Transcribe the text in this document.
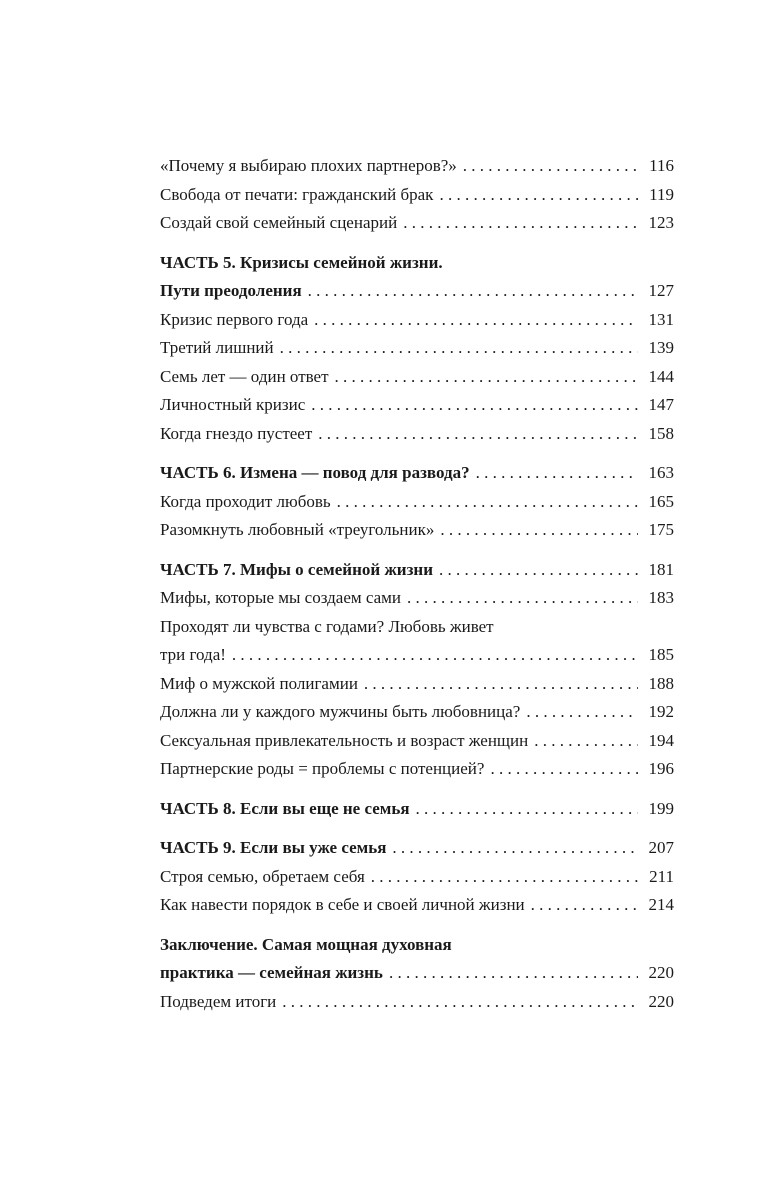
«Почему я выбираю плохих партнеров?» . . .	116
Свобода от печати: гражданский брак . . .	119
Создай свой семейный сценарий . . .	123
ЧАСТЬ 5. Кризисы семейной жизни.
Пути преодоления . . .	127
Кризис первого года . . .	131
Третий лишний . . .	139
Семь лет — один ответ . . .	144
Личностный кризис . . .	147
Когда гнездо пустеет . . .	158
ЧАСТЬ 6. Измена — повод для развода? . . .	163
Когда проходит любовь . . .	165
Разомкнуть любовный «треугольник» . . .	175
ЧАСТЬ 7. Мифы о семейной жизни . . .	181
Мифы, которые мы создаем сами . . .	183
Проходят ли чувства с годами? Любовь живет
три года! . . .	185
Миф о мужской полигамии . . .	188
Должна ли у каждого мужчины быть любовница? . . .	192
Сексуальная привлекательность и возраст женщин . . .	194
Партнерские роды = проблемы с потенцией? . . .	196
ЧАСТЬ 8. Если вы еще не семья . . .	199
ЧАСТЬ 9. Если вы уже семья . . .	207
Строя семью, обретаем себя . . .	211
Как навести порядок в себе и своей личной жизни . . .	214
Заключение. Самая мощная духовная
практика — семейная жизнь . . .	220
Подведем итоги . . .	220
